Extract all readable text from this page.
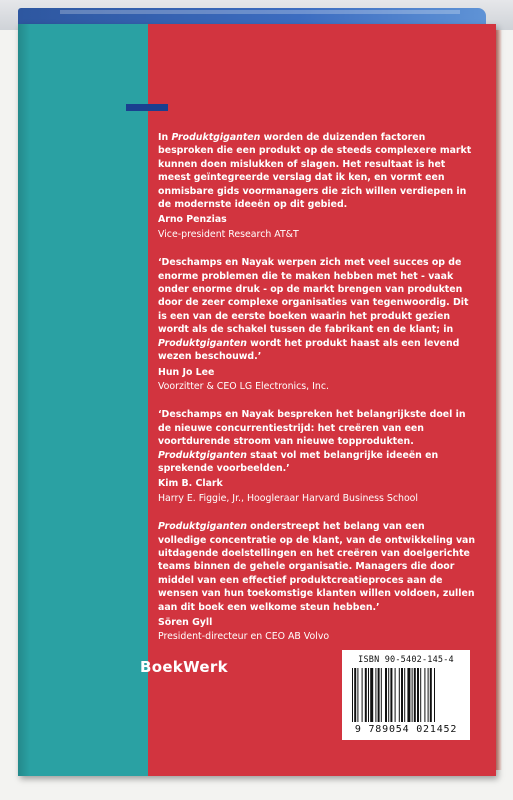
In Produktgiganten worden de duizenden factoren besproken die een produkt op de steeds complexere markt kunnen doen mislukken of slagen. Het resultaat is het meest geïntegreerde verslag dat ik ken, en vormt een onmisbare gids voormanagers die zich willen verdiepen in de modernste ideeën op dit gebied.

Arno Penzias

Vice-president Research AT&T

‘Deschamps en Nayak werpen zich met veel succes op de enorme problemen die te maken hebben met het - vaak onder enorme druk - op de markt brengen van produkten door de zeer complexe organisaties van tegenwoordig. Dit is een van de eerste boeken waarin het produkt gezien wordt als de schakel tussen de fabrikant en de klant; in Produktgiganten wordt het produkt haast als een levend wezen beschouwd.’

Hun Jo Lee

Voorzitter & CEO LG Electronics, Inc.

‘Deschamps en Nayak bespreken het belangrijkste doel in de nieuwe concurrentiestrijd: het creëren van een voortdurende stroom van nieuwe topprodukten. Produktgiganten staat vol met belangrijke ideeën en sprekende voorbeelden.’

Kim B. Clark

Harry E. Figgie, Jr., Hoogleraar Harvard Business School

Produktgiganten onderstreept het belang van een volledige concentratie op de klant, van de ontwikkeling van uitdagende doelstellingen en het creëren van doelgerichte teams binnen de gehele organisatie. Managers die door middel van een effectief produktcreatieproces aan de wensen van hun toekomstige klanten willen voldoen, zullen aan dit boek een welkome steun hebben.’

Sören Gyll

President-directeur en CEO AB Volvo

BoekWerk	ISBN 90-5402-145-4
9 789054 021452
